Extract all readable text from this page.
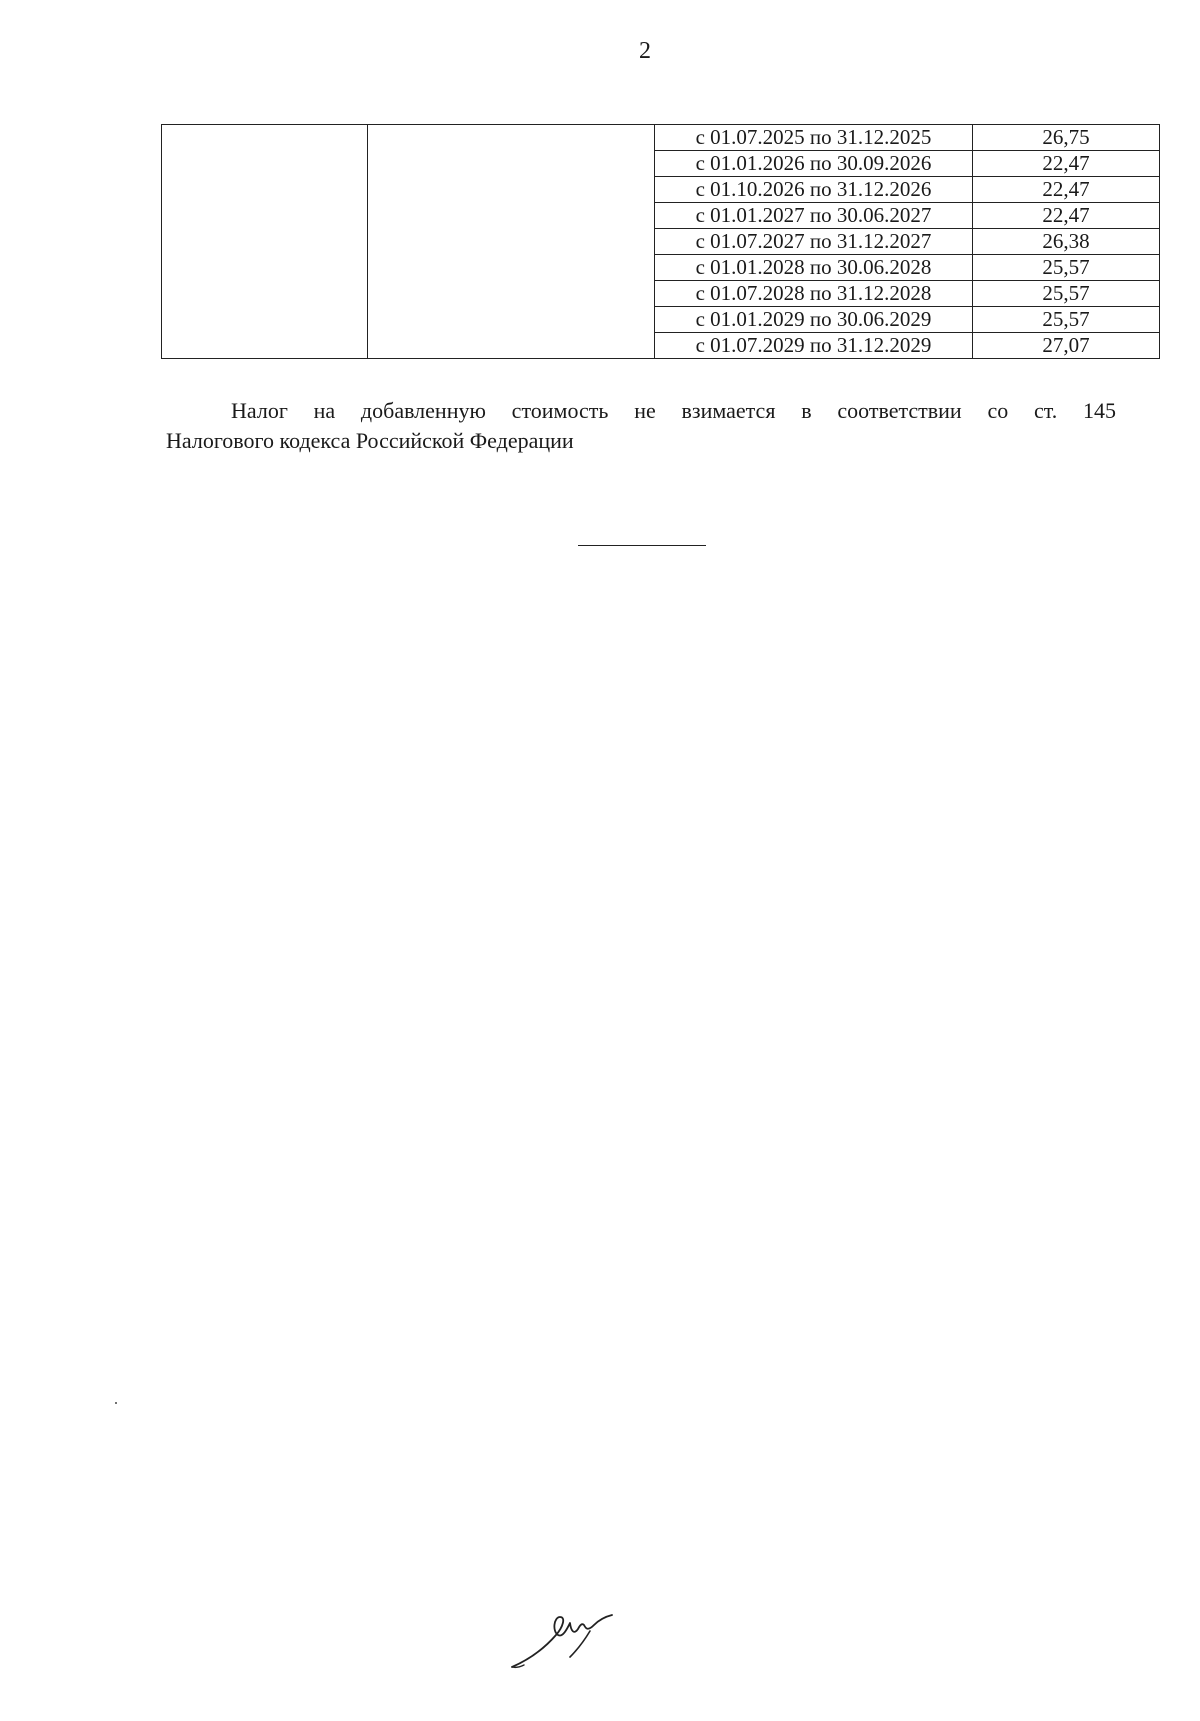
2
		с 01.07.2025 по 31.12.2025	26,75
		с 01.01.2026 по 30.09.2026	22,47
		с 01.10.2026 по 31.12.2026	22,47
		с 01.01.2027 по 30.06.2027	22,47
		с 01.07.2027 по 31.12.2027	26,38
		с 01.01.2028 по 30.06.2028	25,57
		с 01.07.2028 по 31.12.2028	25,57
		с 01.01.2029 по 30.06.2029	25,57
		с 01.07.2029 по 31.12.2029	27,07
Налог на добавленную стоимость не взимается в соответствии со ст. 145
Налогового кодекса Российской Федерации
